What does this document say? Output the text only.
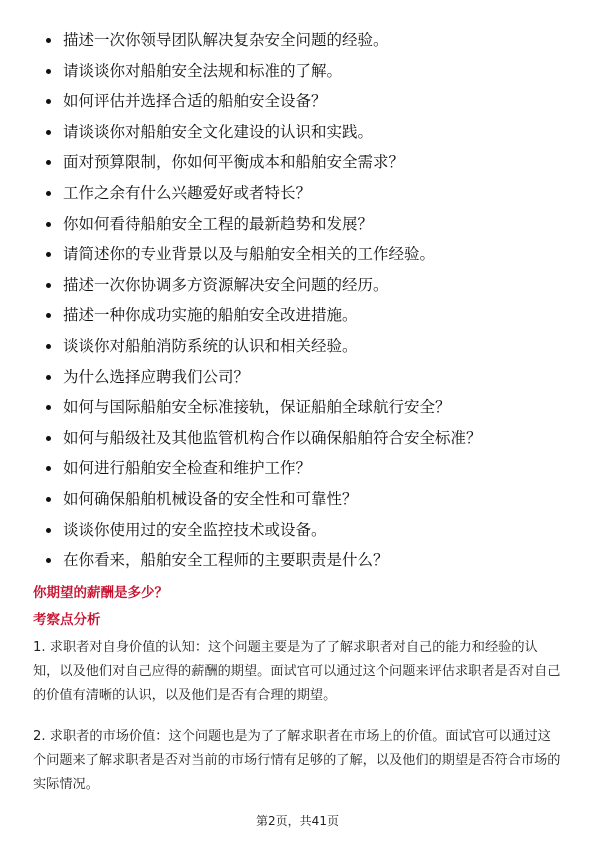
描述一次你领导团队解决复杂安全问题的经验。
请谈谈你对船舶安全法规和标准的了解。
如何评估并选择合适的船舶安全设备？
请谈谈你对船舶安全文化建设的认识和实践。
面对预算限制，你如何平衡成本和船舶安全需求？
工作之余有什么兴趣爱好或者特长？
你如何看待船舶安全工程的最新趋势和发展？
请简述你的专业背景以及与船舶安全相关的工作经验。
描述一次你协调多方资源解决安全问题的经历。
描述一种你成功实施的船舶安全改进措施。
谈谈你对船舶消防系统的认识和相关经验。
为什么选择应聘我们公司？
如何与国际船舶安全标准接轨，保证船舶全球航行安全？
如何与船级社及其他监管机构合作以确保船舶符合安全标准？
如何进行船舶安全检查和维护工作？
如何确保船舶机械设备的安全性和可靠性？
谈谈你使用过的安全监控技术或设备。
在你看来，船舶安全工程师的主要职责是什么？
你期望的薪酬是多少？
考察点分析

1. 求职者对自身价值的认知：这个问题主要是为了了解求职者对自己的能力和经验的认知，以及他们对自己应得的薪酬的期望。面试官可以通过这个问题来评估求职者是否对自己的价值有清晰的认识，以及他们是否有合理的期望。

2. 求职者的市场价值：这个问题也是为了了解求职者在市场上的价值。面试官可以通过这个问题来了解求职者是否对当前的市场行情有足够的了解，以及他们的期望是否符合市场的实际情况。

第2页，共41页
